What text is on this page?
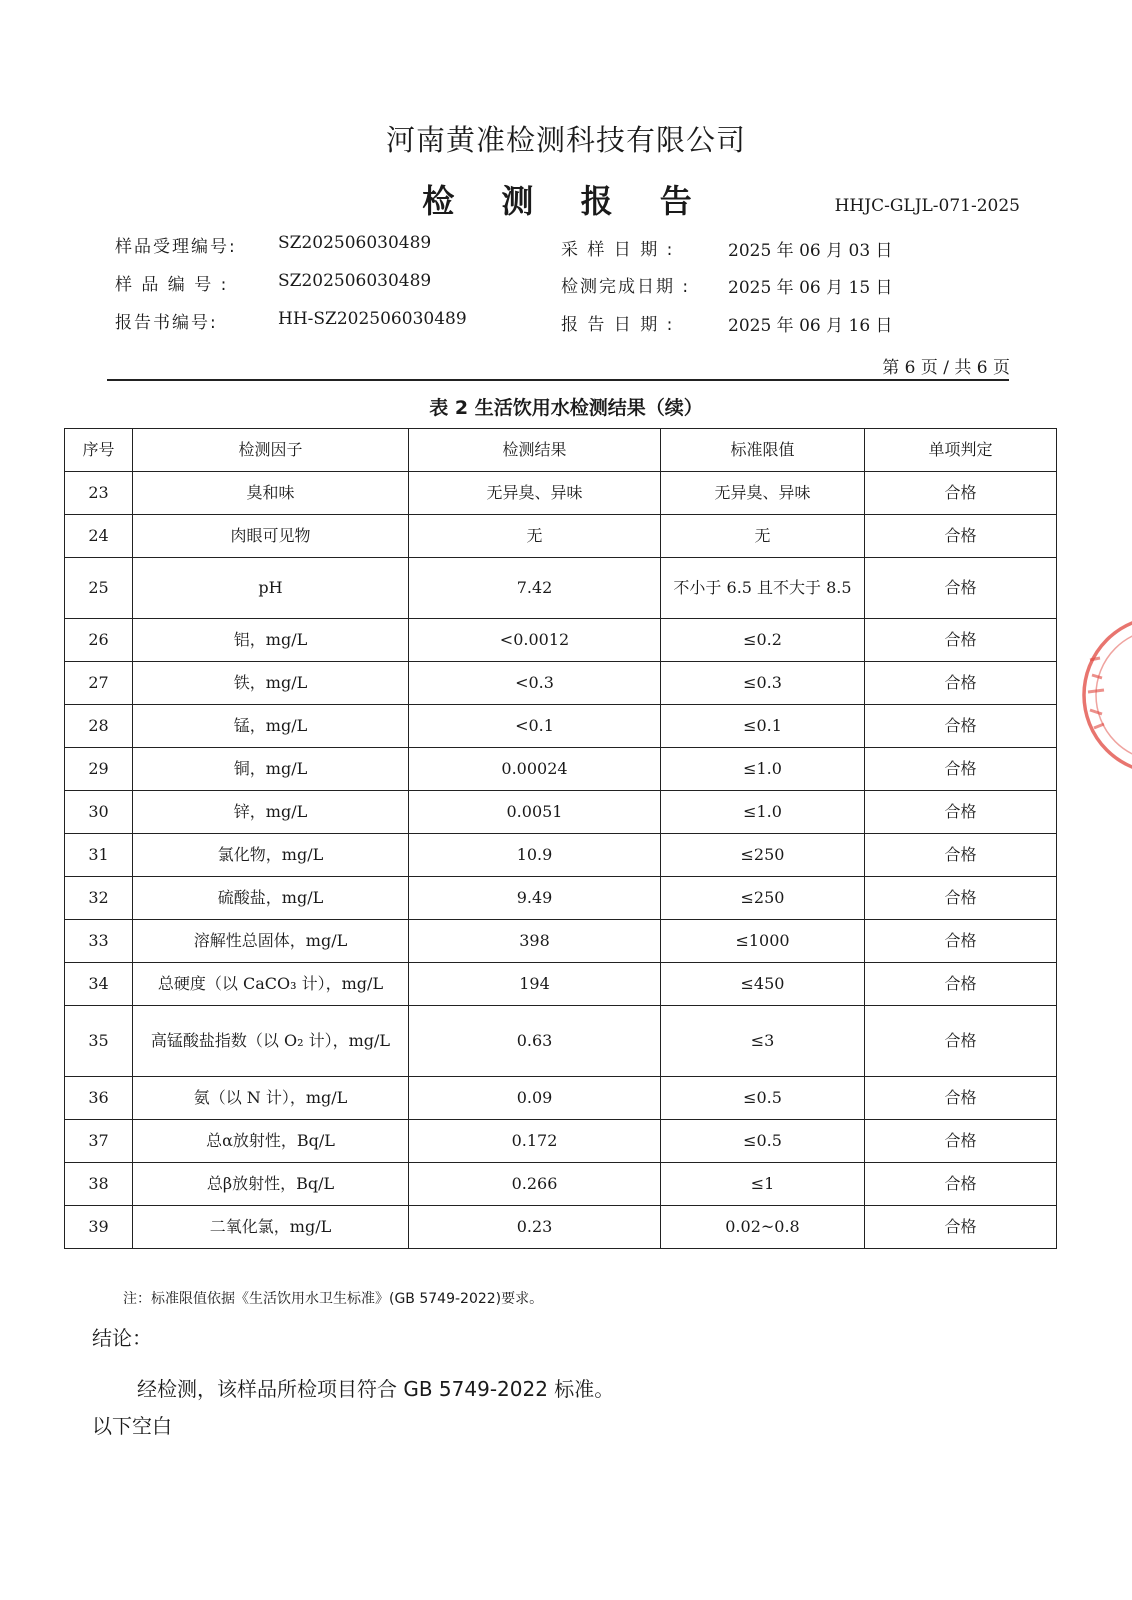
河南黄准检测科技有限公司
检 测 报 告	HHJC-GLJL-071-2025
样品受理编号: SZ202506030489
样 品 编 号 :	SZ202506030489
报告书编号:	HH-SZ202506030489
采 样 日 期 :	2025 年 06 月 03 日
检测完成日期 : 2025 年 06 月 15 日
报 告 日 期 :	2025 年 06 月 16 日
第 6 页 / 共 6 页
表 2 生活饮用水检测结果（续）
序号	检测因子	检测结果	标准限值	单项判定
23	臭和味	无异臭、异味	无异臭、异味	合格
24	肉眼可见物	无	无	合格
25	pH	7.42	不小于 6.5 且不大于 8.5	合格
26	铝，mg/L	<0.0012	≤0.2	合格
27	铁，mg/L	<0.3	≤0.3	合格
28	锰，mg/L	<0.1	≤0.1	合格
29	铜，mg/L	0.00024	≤1.0	合格
30	锌，mg/L	0.0051	≤1.0	合格
31	氯化物，mg/L	10.9	≤250	合格
32	硫酸盐，mg/L	9.49	≤250	合格
33	溶解性总固体，mg/L	398	≤1000	合格
34	总硬度（以 CaCO₃ 计），mg/L	194	≤450	合格
35	高锰酸盐指数（以 O₂ 计），mg/L	0.63	≤3	合格
36	氨（以 N 计），mg/L	0.09	≤0.5	合格
37	总α放射性，Bq/L	0.172	≤0.5	合格
38	总β放射性，Bq/L	0.266	≤1	合格
39	二氧化氯，mg/L	0.23	0.02~0.8	合格
注：标准限值依据《生活饮用水卫生标准》(GB 5749-2022)要求。
结论：
经检测，该样品所检项目符合 GB 5749-2022 标准。
以下空白
